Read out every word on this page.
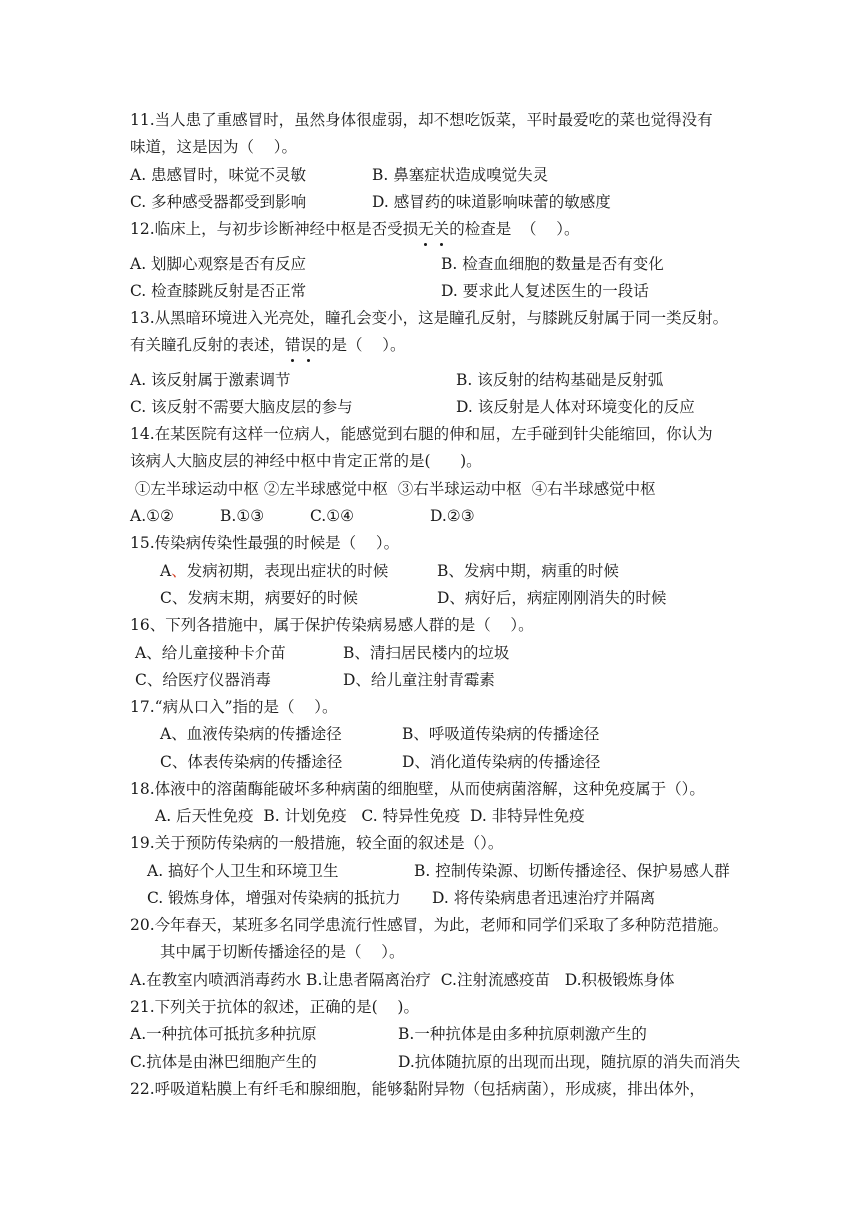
11.当人患了重感冒时，虽然身体很虚弱，却不想吃饭菜，平时最爱吃的菜也觉得没有
味道，这是因为（    ）。

A. 患感冒时，味觉不灵敏

	B. 鼻塞症状造成嗅觉失灵

C. 多种感受器都受到影响

	D. 感冒药的味道影响味蕾的敏感度

12.临床上，与初步诊断神经中枢是否受损无关的检查是  （    ）。

A. 划脚心观察是否有反应

	B. 检查血细胞的数量是否有变化

C. 检查膝跳反射是否正常

	D. 要求此人复述医生的一段话

13.从黑暗环境进入光亮处，瞳孔会变小，这是瞳孔反射，与膝跳反射属于同一类反射。
有关瞳孔反射的表述，错误的是（    ）。

A. 该反射属于激素调节

	B. 该反射的结构基础是反射弧

C. 该反射不需要大脑皮层的参与

	D. 该反射是人体对环境变化的反应

14.在某医院有这样一位病人，能感觉到右腿的伸和屈，左手碰到针尖能缩回，你认为
该病人大脑皮层的神经中枢中肯定正常的是(      )。
①左半球运动中枢 ②左半球感觉中枢  ③右半球运动中枢  ④右半球感觉中枢

A.①②

	B.①③

	C.①④

	D.②③

15.传染病传染性最强的时候是（    ）。

A、发病初期，表现出症状的时候

	B、发病中期，病重的时候

C、发病末期，病要好的时候

	D、病好后，病症刚刚消失的时候

16、下列各措施中，属于保护传染病易感人群的是（    ）。

A、给儿童接种卡介苗

	B、清扫居民楼内的垃圾

C、给医疗仪器消毒

	D、给儿童注射青霉素

17.“病从口入”指的是（    ）。

A、血液传染病的传播途径

	B、呼吸道传染病的传播途径

C、体表传染病的传播途径

	D、消化道传染病的传播途径

18.体液中的溶菌酶能破坏多种病菌的细胞壁，从而使病菌溶解，这种免疫属于（）。
A. 后天性免疫  B. 计划免疫   C. 特异性免疫  D. 非特异性免疫
19.关于预防传染病的一般措施，较全面的叙述是（）。

A. 搞好个人卫生和环境卫生

	B. 控制传染源、切断传播途径、保护易感人群

C. 锻炼身体，增强对传染病的抵抗力

D. 将传染病患者迅速治疗并隔离

20.今年春天，某班多名同学患流行性感冒，为此，老师和同学们采取了多种防范措施。
其中属于切断传播途径的是（    ）。
A.在教室内喷洒消毒药水 B.让患者隔离治疗  C.注射流感疫苗   D.积极锻炼身体
21.下列关于抗体的叙述，正确的是(    )。

A.一种抗体可抵抗多种抗原

	B.一种抗体是由多种抗原刺激产生的

C.抗体是由淋巴细胞产生的

	D.抗体随抗原的出现而出现，随抗原的消失而消失

22.呼吸道粘膜上有纤毛和腺细胞，能够黏附异物（包括病菌），形成痰，排出体外，
